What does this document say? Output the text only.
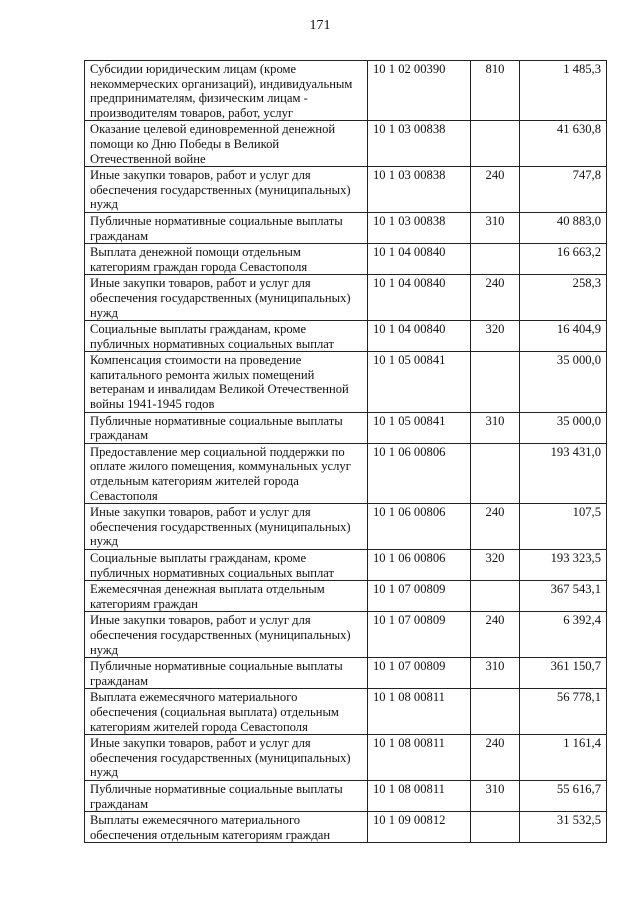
171
Субсидии юридическим лицам (кроме некоммерческих организаций), индивидуальным предпринимателям, физическим лицам - производителям товаров, работ, услуг	10 1 02 00390	810	1 485,3
Оказание целевой единовременной денежной помощи ко Дню Победы в Великой Отечественной войне	10 1 03 00838		41 630,8
Иные закупки товаров, работ и услуг для обеспечения государственных (муниципальных) нужд	10 1 03 00838	240	747,8
Публичные нормативные социальные выплаты гражданам	10 1 03 00838	310	40 883,0
Выплата денежной помощи отдельным категориям граждан города Севастополя	10 1 04 00840		16 663,2
Иные закупки товаров, работ и услуг для обеспечения государственных (муниципальных) нужд	10 1 04 00840	240	258,3
Социальные выплаты гражданам, кроме публичных нормативных социальных выплат	10 1 04 00840	320	16 404,9
Компенсация стоимости на проведение капитального ремонта жилых помещений ветеранам и инвалидам Великой Отечественной войны 1941-1945 годов	10 1 05 00841		35 000,0
Публичные нормативные социальные выплаты гражданам	10 1 05 00841	310	35 000,0
Предоставление мер социальной поддержки по оплате жилого помещения, коммунальных услуг отдельным категориям жителей города Севастополя	10 1 06 00806		193 431,0
Иные закупки товаров, работ и услуг для обеспечения государственных (муниципальных) нужд	10 1 06 00806	240	107,5
Социальные выплаты гражданам, кроме публичных нормативных социальных выплат	10 1 06 00806	320	193 323,5
Ежемесячная денежная выплата отдельным категориям граждан	10 1 07 00809		367 543,1
Иные закупки товаров, работ и услуг для обеспечения государственных (муниципальных) нужд	10 1 07 00809	240	6 392,4
Публичные нормативные социальные выплаты гражданам	10 1 07 00809	310	361 150,7
Выплата ежемесячного материального обеспечения (социальная выплата) отдельным категориям жителей города Севастополя	10 1 08 00811		56 778,1
Иные закупки товаров, работ и услуг для обеспечения государственных (муниципальных) нужд	10 1 08 00811	240	1 161,4
Публичные нормативные социальные выплаты гражданам	10 1 08 00811	310	55 616,7
Выплаты ежемесячного материального обеспечения отдельным категориям граждан	10 1 09 00812		31 532,5
